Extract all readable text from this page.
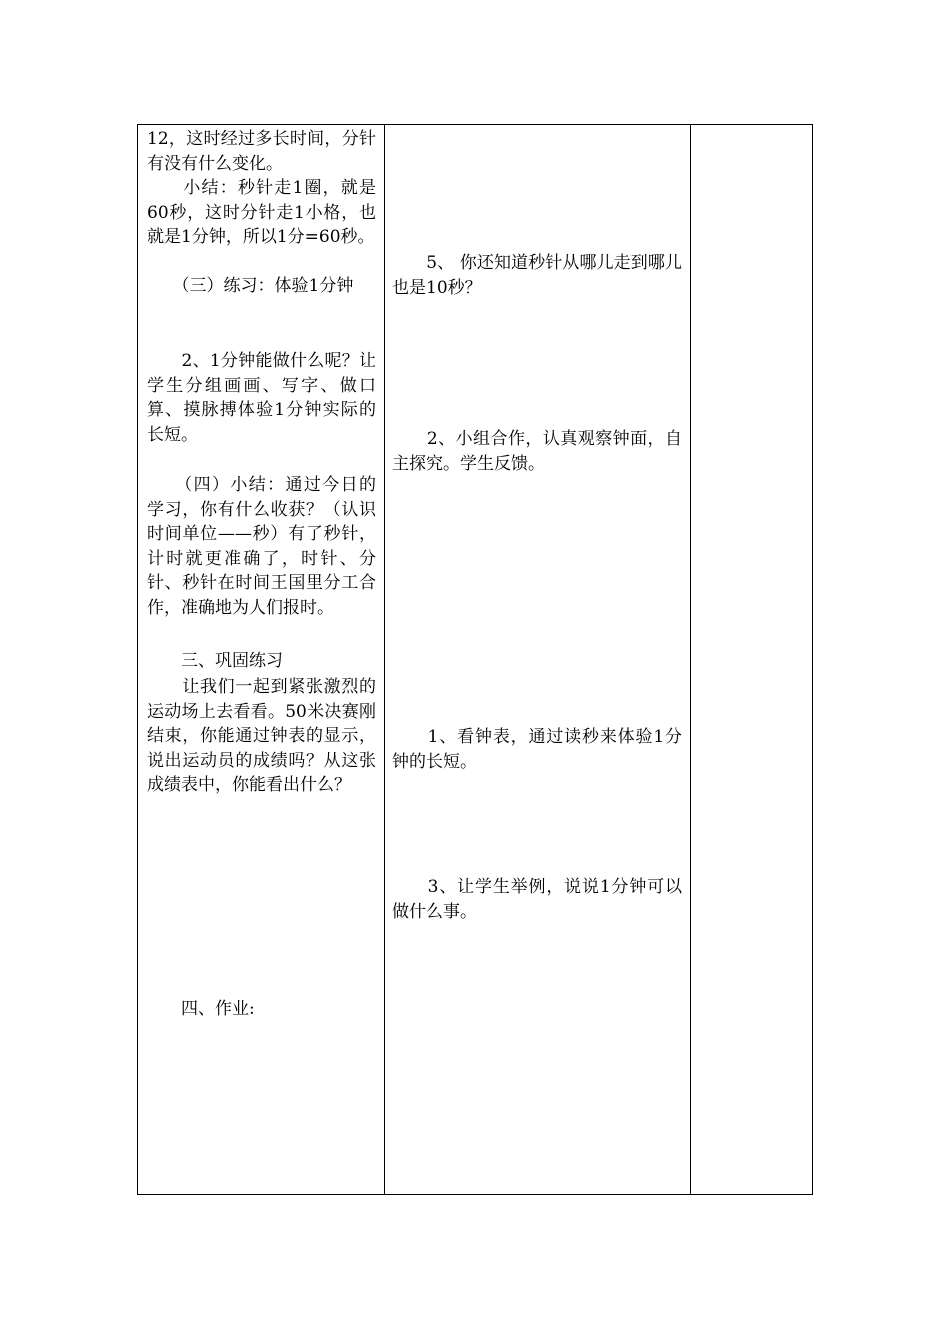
12，这时经过多长时间，分针有没有什么变化。
　　小结：秒针走1圈，就是60秒，这时分针走1小格，也就是1分钟，所以1分=60秒。
　　（三）练习：体验1分钟
　　2、1分钟能做什么呢？让学生分组画画、写字、做口算、摸脉搏体验1分钟实际的长短。
　　（四）小结：通过今日的学习，你有什么收获？（认识时间单位——秒）有了秒针，计时就更准确了，时针、分针、秒针在时间王国里分工合作，准确地为人们报时。
　　三、巩固练习
　　让我们一起到紧张激烈的运动场上去看看。50米决赛刚结束，你能通过钟表的显示，说出运动员的成绩吗？从这张成绩表中，你能看出什么？
　　四、作业:
　　5、 你还知道秒针从哪儿走到哪儿也是10秒？
　　2、小组合作，认真观察钟面，自主探究。学生反馈。
　　1、看钟表，通过读秒来体验1分钟的长短。
　　3、让学生举例，说说1分钟可以做什么事。
